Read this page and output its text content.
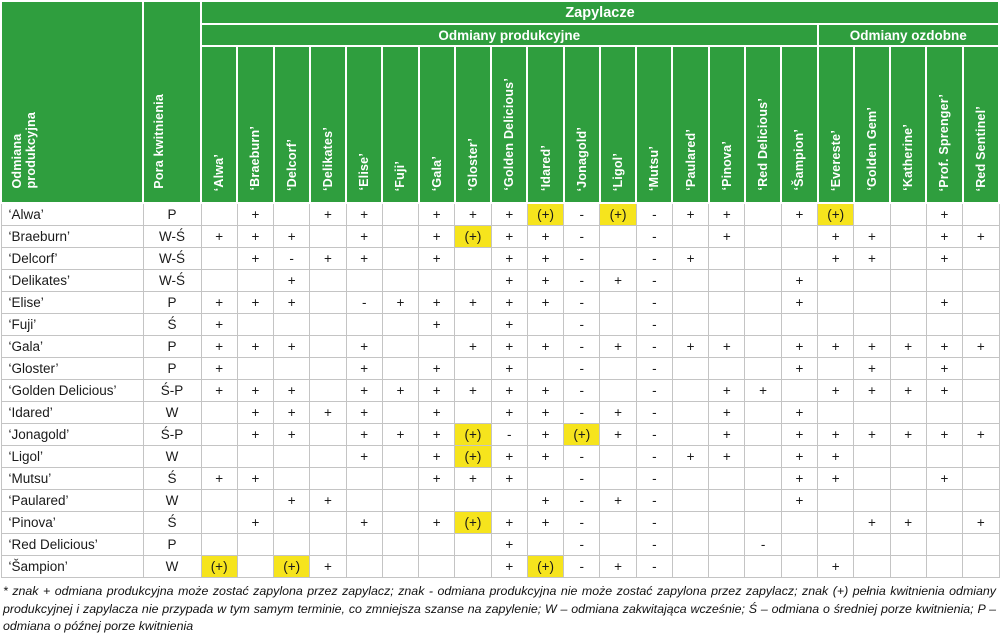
Odmiana produkcyjna	Pora kwitnienia	Zapylacze																					
		Odmiany produkcyjne																	Odmiany ozdobne				
		‘Alwa’	‘Braeburn’	‘Delcorf’	‘Delikates’	‘Elise’	‘Fuji’	‘Gala’	‘Gloster’	‘Golden Delicious’	‘Idared’	‘Jonagold’	‘Ligol’	‘Mutsu’	‘Paulared’	‘Pinova’	‘Red Delicious’	‘Šampion’	‘Evereste’	‘Golden Gem’	‘Katherine’	‘Prof. Sprenger’	‘Red Sentinel’
‘Alwa’	P		+		+	+		+	+	+	(+)	-	(+)	-	+	+		+	(+)			+	
‘Braeburn’	W-Ś	+	+	+		+		+	(+)	+	+	-		-		+			+	+		+	+
‘Delcorf’	W-Ś		+	-	+	+		+		+	+	-		-	+				+	+		+	
‘Delikates’	W-Ś			+						+	+	-	+	-				+					
‘Elise’	P	+	+	+		-	+	+	+	+	+	-		-				+				+	
‘Fuji’	Ś	+						+		+		-		-									
‘Gala’	P	+	+	+		+			+	+	+	-	+	-	+	+		+	+	+	+	+	+
‘Gloster’	P	+				+		+		+		-		-				+		+		+	
‘Golden Delicious’	Ś-P	+	+	+		+	+	+	+	+	+	-		-		+	+		+	+	+	+	
‘Idared’	W		+	+	+	+		+		+	+	-	+	-		+		+					
‘Jonagold’	Ś-P		+	+		+	+	+	(+)	-	+	(+)	+	-		+		+	+	+	+	+	+
‘Ligol’	W					+		+	(+)	+	+	-		-	+	+		+	+				
‘Mutsu’	Ś	+	+					+	+	+		-		-				+	+			+	
‘Paulared’	W			+	+						+	-	+	-				+					
‘Pinova’	Ś		+			+		+	(+)	+	+	-		-						+	+		+
‘Red Delicious’	P									+		-		-			-						
‘Šampion’	W	(+)		(+)	+					+	(+)	-	+	-					+				
* znak + odmiana produkcyjna może zostać zapylona przez zapylacz; znak - odmiana produkcyjna nie może zostać zapylona przez zapylacz; znak (+) pełnia kwitnienia odmiany produkcyjnej i zapylacza nie przypada w tym samym terminie, co zmniejsza szanse na zapylenie; W – odmiana zakwitająca wcześnie; Ś – odmiana o średniej porze kwitnienia; P – odmiana o późnej porze kwitnienia
